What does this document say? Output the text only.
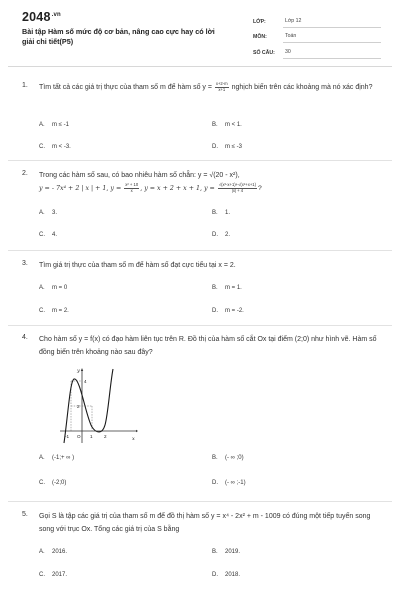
$2048^{.vn}$
Bài tập Hàm số mức độ cơ bản, nâng cao cực hay có lời giải chi tiết(P5)
LỚP:	Lớp 12
MÔN:	Toán
SỐ CÂU:	30
1. Tìm tất cả các giá trị thực của tham số m để hàm số $y = \frac{x+2-m}{x+1}$ nghịch biến trên các khoảng mà nó xác định?
A. m ≤ -1	B. m < 1.
C. m < -3.	D. m ≤ -3
2. Trong các hàm số sau, có bao nhiêu hàm số chẵn: y = √(20 - x²),
y = - 7x⁴ + 2 | x | + 1, $y = \frac{\text{x² + 10}}{x}$ , y = x + 2 + x + 1, $y = \frac{\text{√(x²-x+1)+√(x²+x+1)}}{|x| + 4}$ ?
A. 3.	B. 1.
C. 4.	D. 2.
3. Tìm giá trị thực của tham số m để hàm số đạt cực tiểu tại x = 2.
A. m = 0	B. m = 1.
C. m = 2.	D. m = -2.
4. Cho hàm số y = f(x) có đạo hàm liên tục trên R. Đồ thị của hàm số cắt Ox tại điểm (2;0) như hình vẽ. Hàm số đồng biến trên khoảng nào sau đây?
y
x
4
2
-1 O 1 2
A. (-1;+ ∞ )	B. (- ∞ ;0)
C. (-2;0)	D. (- ∞ ;-1)
5. Gọi S là tập các giá trị của tham số m để đồ thị hàm số y = x⁴ - 2x² + m - 1009 có đúng một tiếp tuyến song song với trục Ox. Tổng các giá trị của S bằng
A. 2016.	B. 2019.
C. 2017.	D. 2018.
